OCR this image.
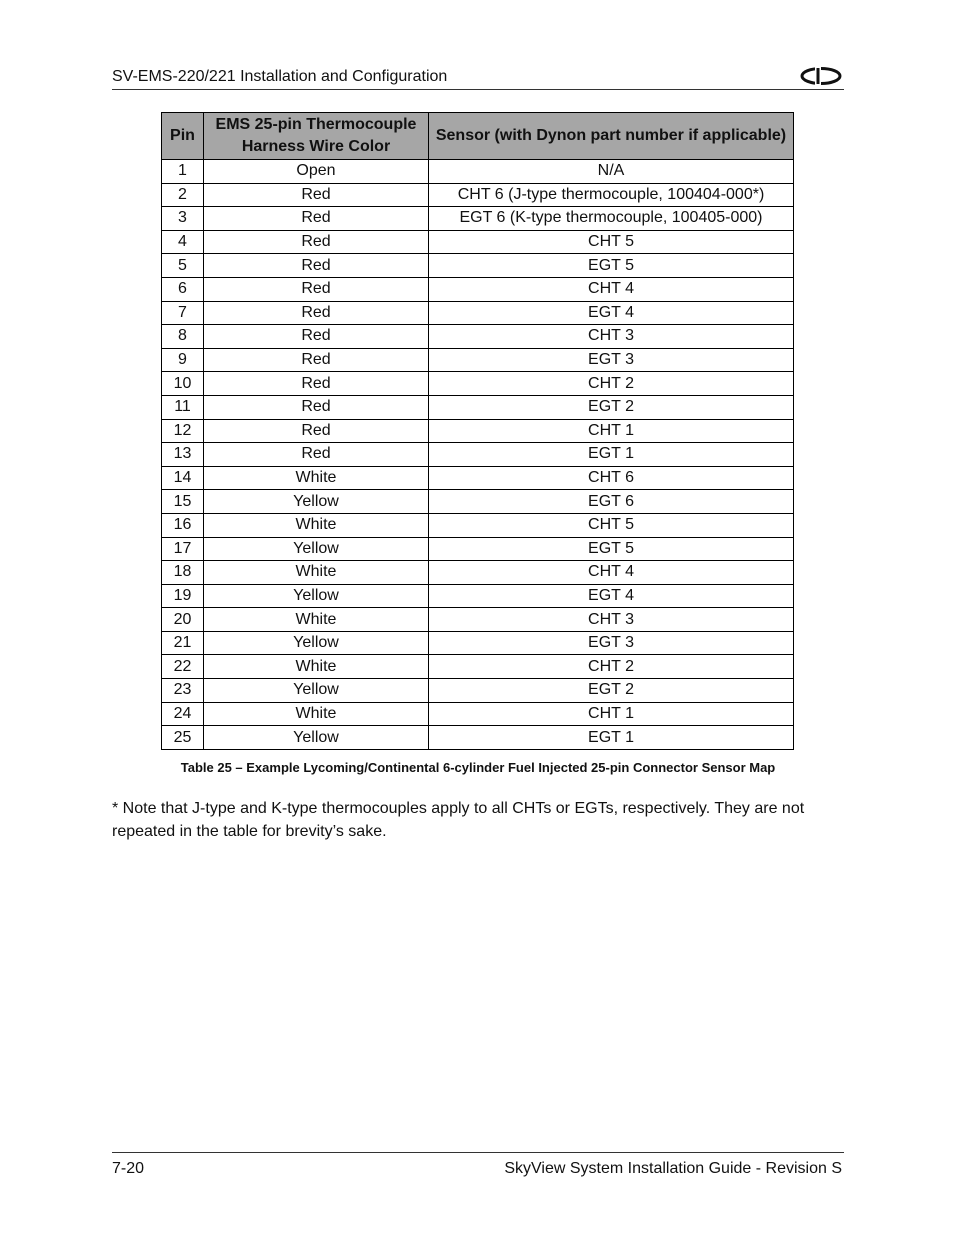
SV-EMS-220/221 Installation and Configuration
Pin	EMS 25-pin Thermocouple Harness Wire Color	Sensor (with Dynon part number if applicable)
1	Open	N/A
2	Red	CHT 6 (J-type thermocouple, 100404-000*)
3	Red	EGT 6 (K-type thermocouple, 100405-000)
4	Red	CHT 5
5	Red	EGT 5
6	Red	CHT 4
7	Red	EGT 4
8	Red	CHT 3
9	Red	EGT 3
10	Red	CHT 2
11	Red	EGT 2
12	Red	CHT 1
13	Red	EGT 1
14	White	CHT 6
15	Yellow	EGT 6
16	White	CHT 5
17	Yellow	EGT 5
18	White	CHT 4
19	Yellow	EGT 4
20	White	CHT 3
21	Yellow	EGT 3
22	White	CHT 2
23	Yellow	EGT 2
24	White	CHT 1
25	Yellow	EGT 1
Table 25 – Example Lycoming/Continental 6-cylinder Fuel Injected 25-pin Connector Sensor Map
* Note that J-type and K-type thermocouples apply to all CHTs or EGTs, respectively. They are not repeated in the table for brevity’s sake.
7-20	SkyView System Installation Guide - Revision S
